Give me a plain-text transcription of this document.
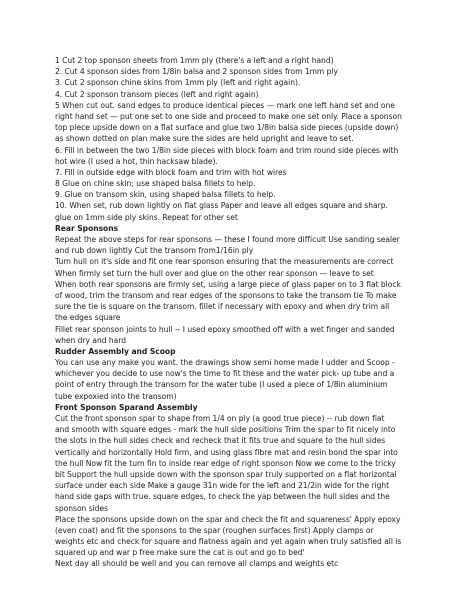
1 Cut 2 top sponson sheets from 1mm ply (there's a left and a right hand)
2. Cut 4 sponson sides from 1/8in balsa and 2 sponson sides from 1mm ply
3. Cut 2 sponson chine skins from 1mm ply (left and right again).
4. Cut 2 sponson transom pieces (left and right again)
5 When cut out. sand edges to produce identical pieces — mark one left hand set and one
right hand set — put one set to one side and proceed to make one set only. Place a sponson
top piece upside down on a flat surface and glue two 1/8in balsa side pieces (upside down)
as shown dotted on plan make sure the sides are held upright and leave to set.
6. Fill in between the two 1/8in side pieces with block foam and trim round side pieces with
hot wire (I used a hot, thin hacksaw blade).
7. Fill in outside edge with block foam and trim with hot wires
8 Glue on chine skin; use shaped balsa fillets to help.
9. Glue on transom skin, using shaped balsa fillets to help.
10. When set, rub down lightly on flat glass Paper and leave all edges square and sharp.
glue on 1mm side ply skins. Repeat for other set
Rear Sponsons
Repeat the above steps for rear sponsons — these I found more difficult Use sanding sealer
and rub down lightly Cut the transom from1/16in ply
Turn hull on it's side and fit one rear sponson ensuring that the measurements are correct
When firmly set turn the hull over and glue on the other rear sponson — leave to set
When both rear sponsons are firmly set, using a large piece of glass paper on to 3 flat block
of wood, trim the transom and rear edges of the sponsons to take the transom tie To make
sure the tie is square on the transom. fillet if necessary with epoxy and when dry trim all
the edges square
Fillet rear sponson joints to hull -- I used epoxy smoothed off with a wet finger and sanded
when dry and hard
Rudder Assembly and Scoop
You can use any make you want. the drawings show semi home made I udder and Scoop -
whichever you decide to use now's the time to fit these and the water pick- up tube and a
point of entry through the transom for the water tube (I used a piece of 1/8in aluminium
tube expoxied into the transom)
Front Sponson Sparand Assembly
Cut the front sponson spar to shape from 1/4 on ply (a good true piece) -- rub down fiat
and smooth with square edges - mark the hull side positions Trim the spar to fit nicely into
the slots in the hull sides check and recheck that it fits true and square to the hull sides
vertically and horizontally Hold firm, and using glass fibre mat and resin bond the spar into
the hull Now fit the turn fin to inside rear edge of right sponson Now we come to the tricky
bit Support the hull upside down with the sponson spar truly supported on a flat horizontal
surface under each side Make a gauge 31n wide for the left and 21/2in wide for the right
hand side gaps with true. square edges, to check the yap between the hull sides and the
sponson sides
Place the sponsons upside down on the spar and check the fit and squareness' Apply epoxy
(even coat) and fit the sponsons to the spar (roughen surfaces first) Apply clamps or
weights etc and check for square and flatness again and yet again when truly satisfied all is
squared up and war p free make sure the cat is out and go to bed'
Next day all should be well and you can remove all clamps and weights etc
